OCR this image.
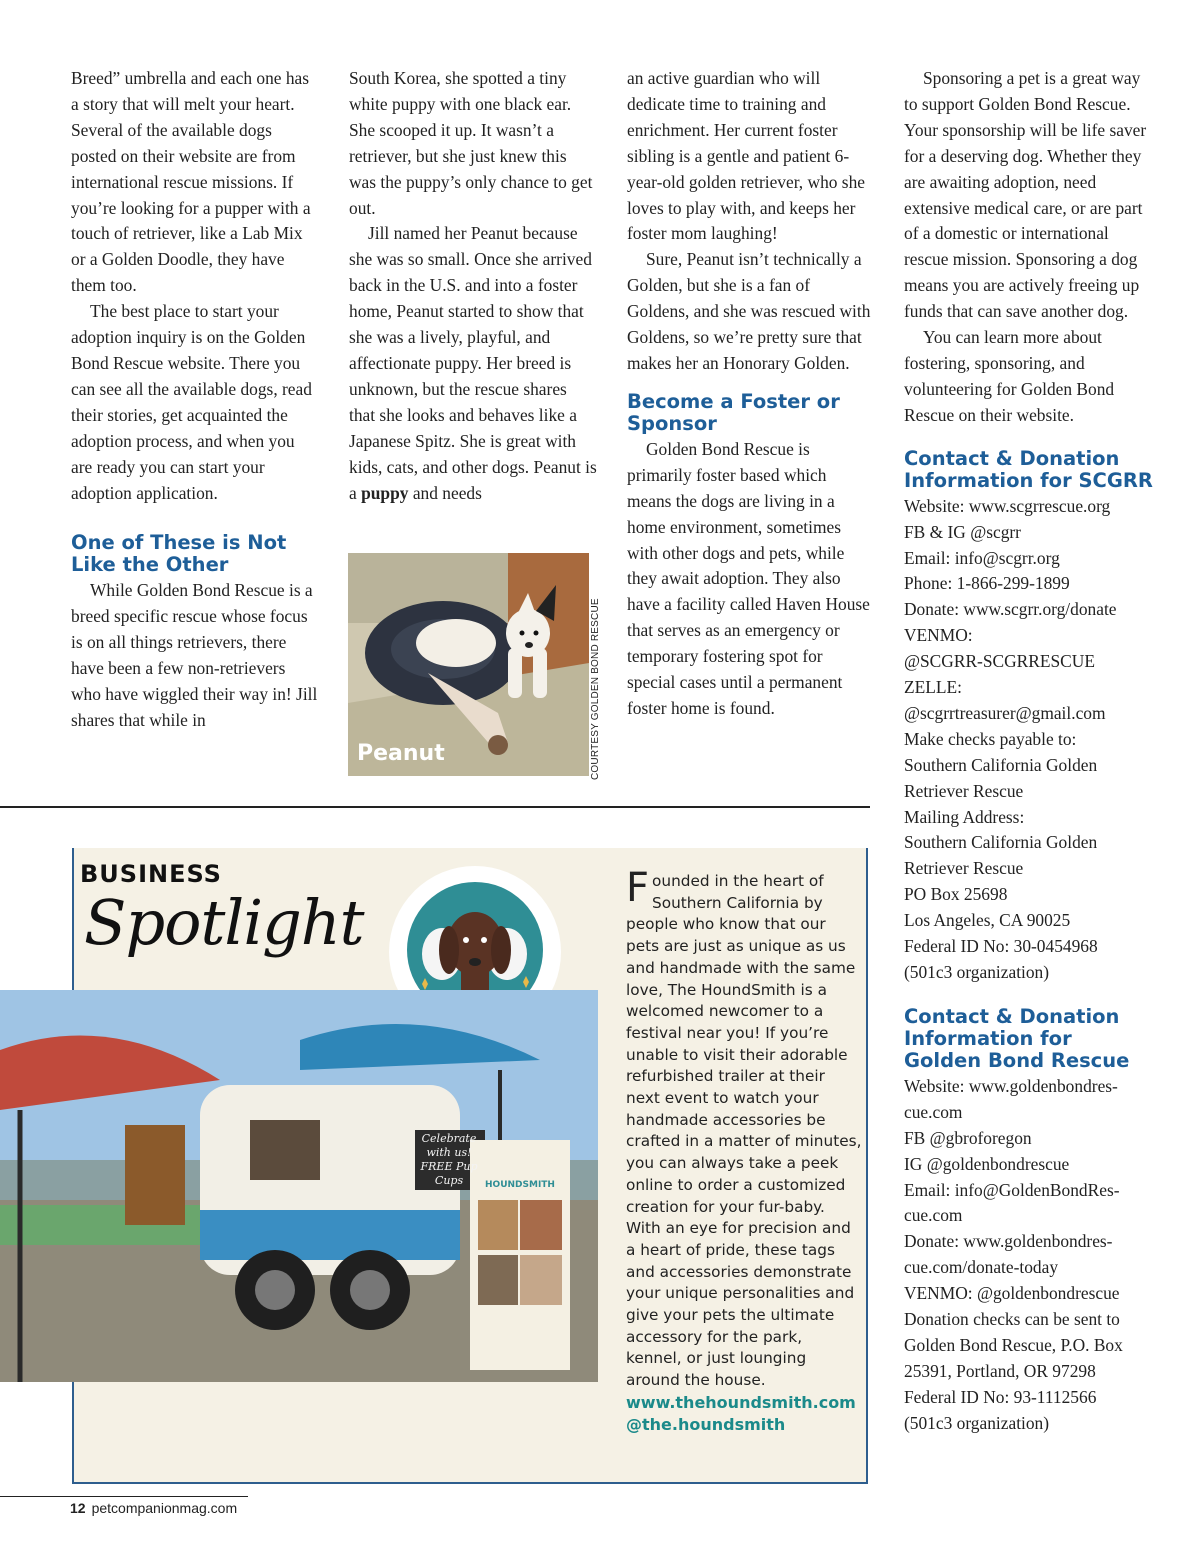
Breed” umbrella and each one has a story that will melt your heart. Several of the available dogs posted on their website are from international rescue missions. If you’re looking for a pupper with a touch of retriever, like a Lab Mix or a Golden Doodle, they have them too.

The best place to start your adoption inquiry is on the Golden Bond Rescue website. There you can see all the available dogs, read their stories, get acquainted the adoption process, and when you are ready you can start your adoption application.

One of These is Not Like the Other

While Golden Bond Rescue is a breed specific rescue whose focus is on all things retrievers, there have been a few non-retrievers who have wiggled their way in! Jill shares that while in

South Korea, she spotted a tiny white puppy with one black ear. She scooped it up. It wasn’t a retriever, but she just knew this was the puppy’s only chance to get out.

Jill named her Peanut because she was so small. Once she arrived back in the U.S. and into a foster home, Peanut started to show that she was a lively, playful, and affectionate puppy. Her breed is unknown, but the rescue shares that she looks and behaves like a Japanese Spitz. She is great with kids, cats, and other dogs. Peanut is a puppy and needs

Peanut	COURTESY GOLDEN BOND RESCUE

an active guardian who will dedicate time to training and enrichment. Her current foster sibling is a gentle and patient 6-year-old golden retriever, who she loves to play with, and keeps her foster mom laughing!

Sure, Peanut isn’t technically a Golden, but she is a fan of Goldens, and she was rescued with Goldens, so we’re pretty sure that makes her an Honorary Golden.

Become a Foster or Sponsor

Golden Bond Rescue is primarily foster based which means the dogs are living in a home environment, sometimes with other dogs and pets, while they await adoption. They also have a facility called Haven House that serves as an emergency or temporary fostering spot for special cases until a permanent foster home is found.

Sponsoring a pet is a great way to support Golden Bond Rescue. Your sponsorship will be life saver for a deserving dog. Whether they are awaiting adoption, need extensive medical care, or are part of a domestic or international rescue mission. Sponsoring a dog means you are actively freeing up funds that can save another dog.

You can learn more about fostering, sponsoring, and volunteering for Golden Bond Rescue on their website.

Contact & Donation Information for SCGRR
Website: www.scgrrescue.org
FB & IG @scgrr
Email: info@scgrr.org
Phone: 1-866-299-1899
Donate: www.scgrr.org/donate
VENMO:
@SCGRR-SCGRRESCUE
ZELLE:
@scgrrtreasurer@gmail.com
Make checks payable to:
Southern California Golden
Retriever Rescue
Mailing Address:
Southern California Golden
Retriever Rescue
PO Box 25698
Los Angeles, CA 90025
Federal ID No: 30-0454968
(501c3 organization)
Contact & Donation Information for Golden Bond Rescue
Website: www.goldenbondres-
cue.com
FB @gbroforegon
IG @goldenbondrescue
Email: info@GoldenBondRes-
cue.com
Donate: www.goldenbondres-
cue.com/donate-today
VENMO: @goldenbondrescue
Donation checks can be sent to
Golden Bond Rescue, P.O. Box
25391, Portland, OR 97298
Federal ID No: 93-1112566
(501c3 organization)
BUSINESS
Spotlight
Celebrate with us! FREE Pup Cups	HOUNDSMITH
Founded in the heart of Southern California by people who know that our pets are just as unique as us and handmade with the same love, The HoundSmith is a welcomed newcomer to a festival near you! If you’re unable to visit their adorable refurbished trailer at their next event to watch your handmade accessories be crafted in a matter of minutes, you can always take a peek online to order a customized creation for your fur-baby. With an eye for precision and a heart of pride, these tags and accessories demonstrate your unique personalities and give your pets the ultimate accessory for the park, kennel, or just lounging around the house.
www.thehoundsmith.com
@the.houndsmith
12 petcompanionmag.com
